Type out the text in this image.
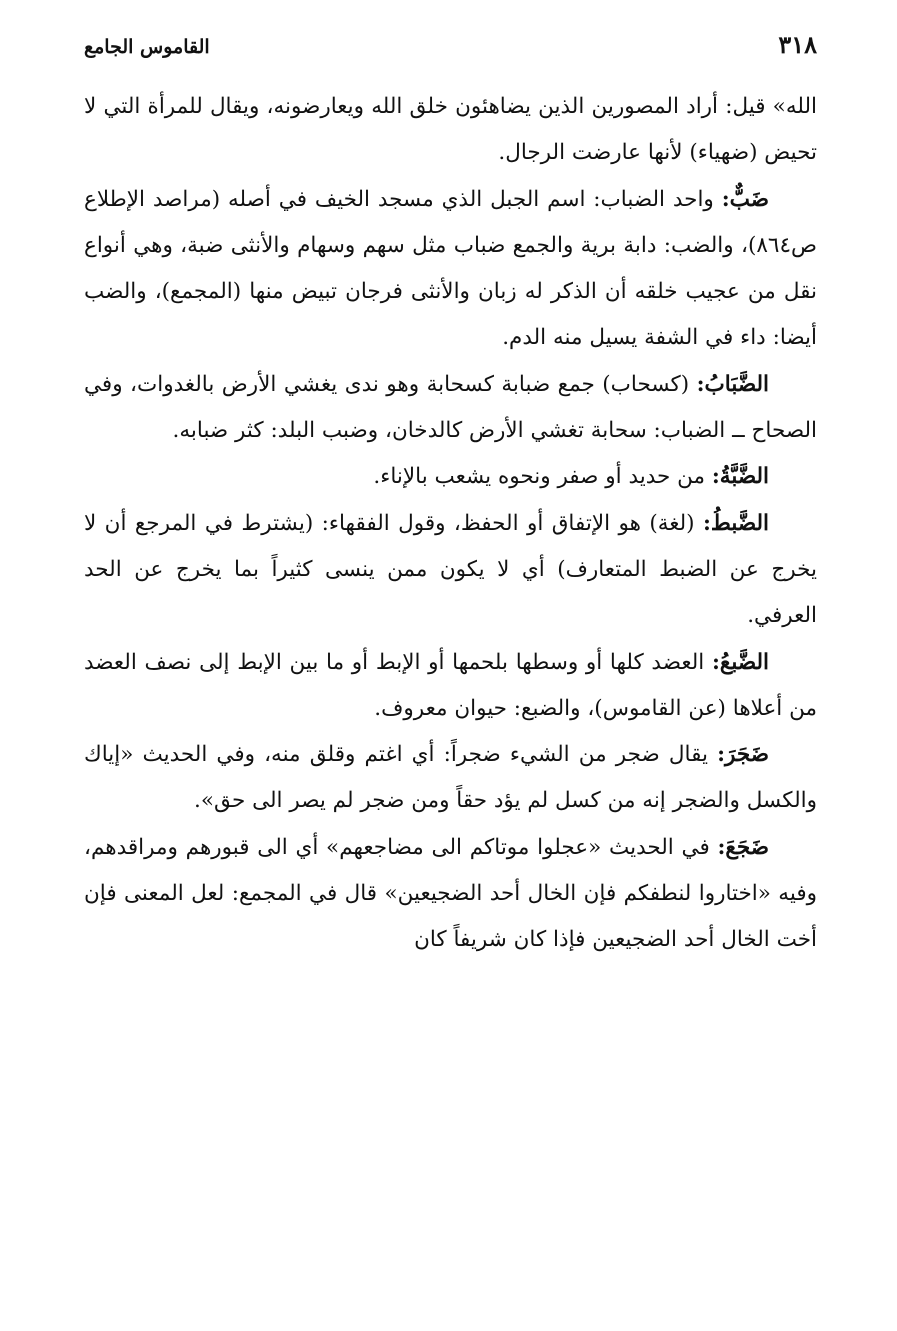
٣١٨
القاموس الجامع

الله» قيل: أراد المصورين الذين يضاهئون خلق الله ويعارضونه، ويقال للمرأة التي لا تحيض (ضهياء) لأنها عارضت الرجال.

ضَبٌّ: واحد الضباب: اسم الجبل الذي مسجد الخيف في أصله (مراصد الإطلاع ص٨٦٤)، والضب: دابة برية والجمع ضباب مثل سهم وسهام والأنثى ضبة، وهي أنواع نقل من عجيب خلقه أن الذكر له زبان والأنثى فرجان تبيض منها (المجمع)، والضب أيضا: داء في الشفة يسيل منه الدم.

الضَّبَابُ: (كسحاب) جمع ضبابة كسحابة وهو ندى يغشي الأرض بالغدوات، وفي الصحاح ــ الضباب: سحابة تغشي الأرض كالدخان، وضبب البلد: كثر ضبابه.

الضَّبَّةُ: من حديد أو صفر ونحوه يشعب بالإناء.

الضَّبطُ: (لغة) هو الإتفاق أو الحفظ، وقول الفقهاء: (يشترط في المرجع أن لا يخرج عن الضبط المتعارف) أي لا يكون ممن ينسى كثيراً بما يخرج عن الحد العرفي.

الضَّبعُ: العضد كلها أو وسطها بلحمها أو الإبط أو ما بين الإبط إلى نصف العضد من أعلاها (عن القاموس)، والضبع: حيوان معروف.

ضَجَرَ: يقال ضجر من الشيء ضجراً: أي اغتم وقلق منه، وفي الحديث «إياك والكسل والضجر إنه من كسل لم يؤد حقاً ومن ضجر لم يصر الى حق».

ضَجَعَ: في الحديث «عجلوا موتاكم الى مضاجعهم» أي الى قبورهم ومراقدهم، وفيه «اختاروا لنطفكم فإن الخال أحد الضجيعين» قال في المجمع: لعل المعنى فإن أخت الخال أحد الضجيعين فإذا كان شريفاً كان
